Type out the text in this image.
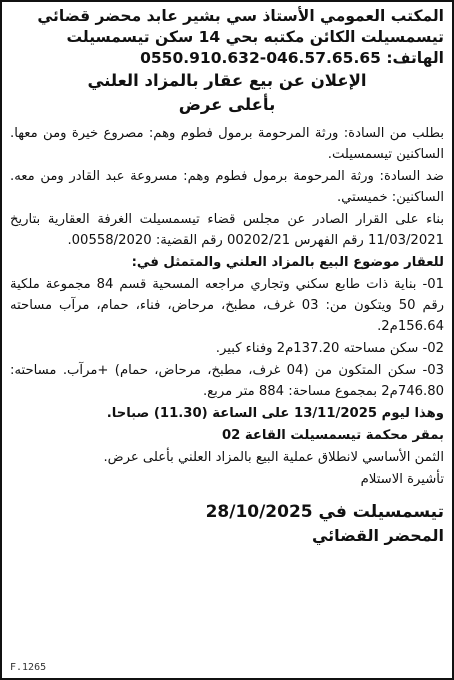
المكتب العمومي الأستاذ سي بشير عابد محضر قضائي
تيسمسيلت الكائن مكتبه بحي 14 سكن تيسمسيلت
الهاتف: 046.57.65.65-0550.910.632
الإعلان عن بيع عقار بالمزاد العلني
بأعلى عرض

بطلب من السادة: ورثة المرحومة برمول فطوم وهم: مصروع خيرة ومن معها. الساكنين تيسمسيلت.

ضد السادة: ورثة المرحومة برمول فطوم وهم: مسروعة عبد القادر ومن معه. الساكنين: خميستي.

بناء على القرار الصادر عن مجلس قضاء تيسمسيلت الغرفة العقارية بتاريخ 11/03/2021 رقم الفهرس 00202/21 رقم القضية: 00558/2020.

للعقار موضوع البيع بالمزاد العلني والمتمثل في:

01- بناية ذات طابع سكني وتجاري مراجعه المسحية قسم 84 مجموعة ملكية رقم 50 ويتكون من: 03 غرف، مطبخ، مرحاض، فناء، حمام، مرآب مساحته 156.64م2.

02- سكن مساحته 137.20م2 وفناء كبير.

03- سكن المتكون من (04 غرف، مطبخ، مرحاض، حمام) +مرآب. مساحته: 746.80م2 بمجموع مساحة: 884 متر مربع.

وهذا ليوم 13/11/2025 على الساعة (11.30) صباحا.

بمقر محكمة تيسمسيلت القاعة 02

الثمن الأساسي لانطلاق عملية البيع بالمزاد العلني بأعلى عرض.

تأشيرة الاستلام

تيسمسيلت في 28/10/2025
المحضر القضائي
F.1265
